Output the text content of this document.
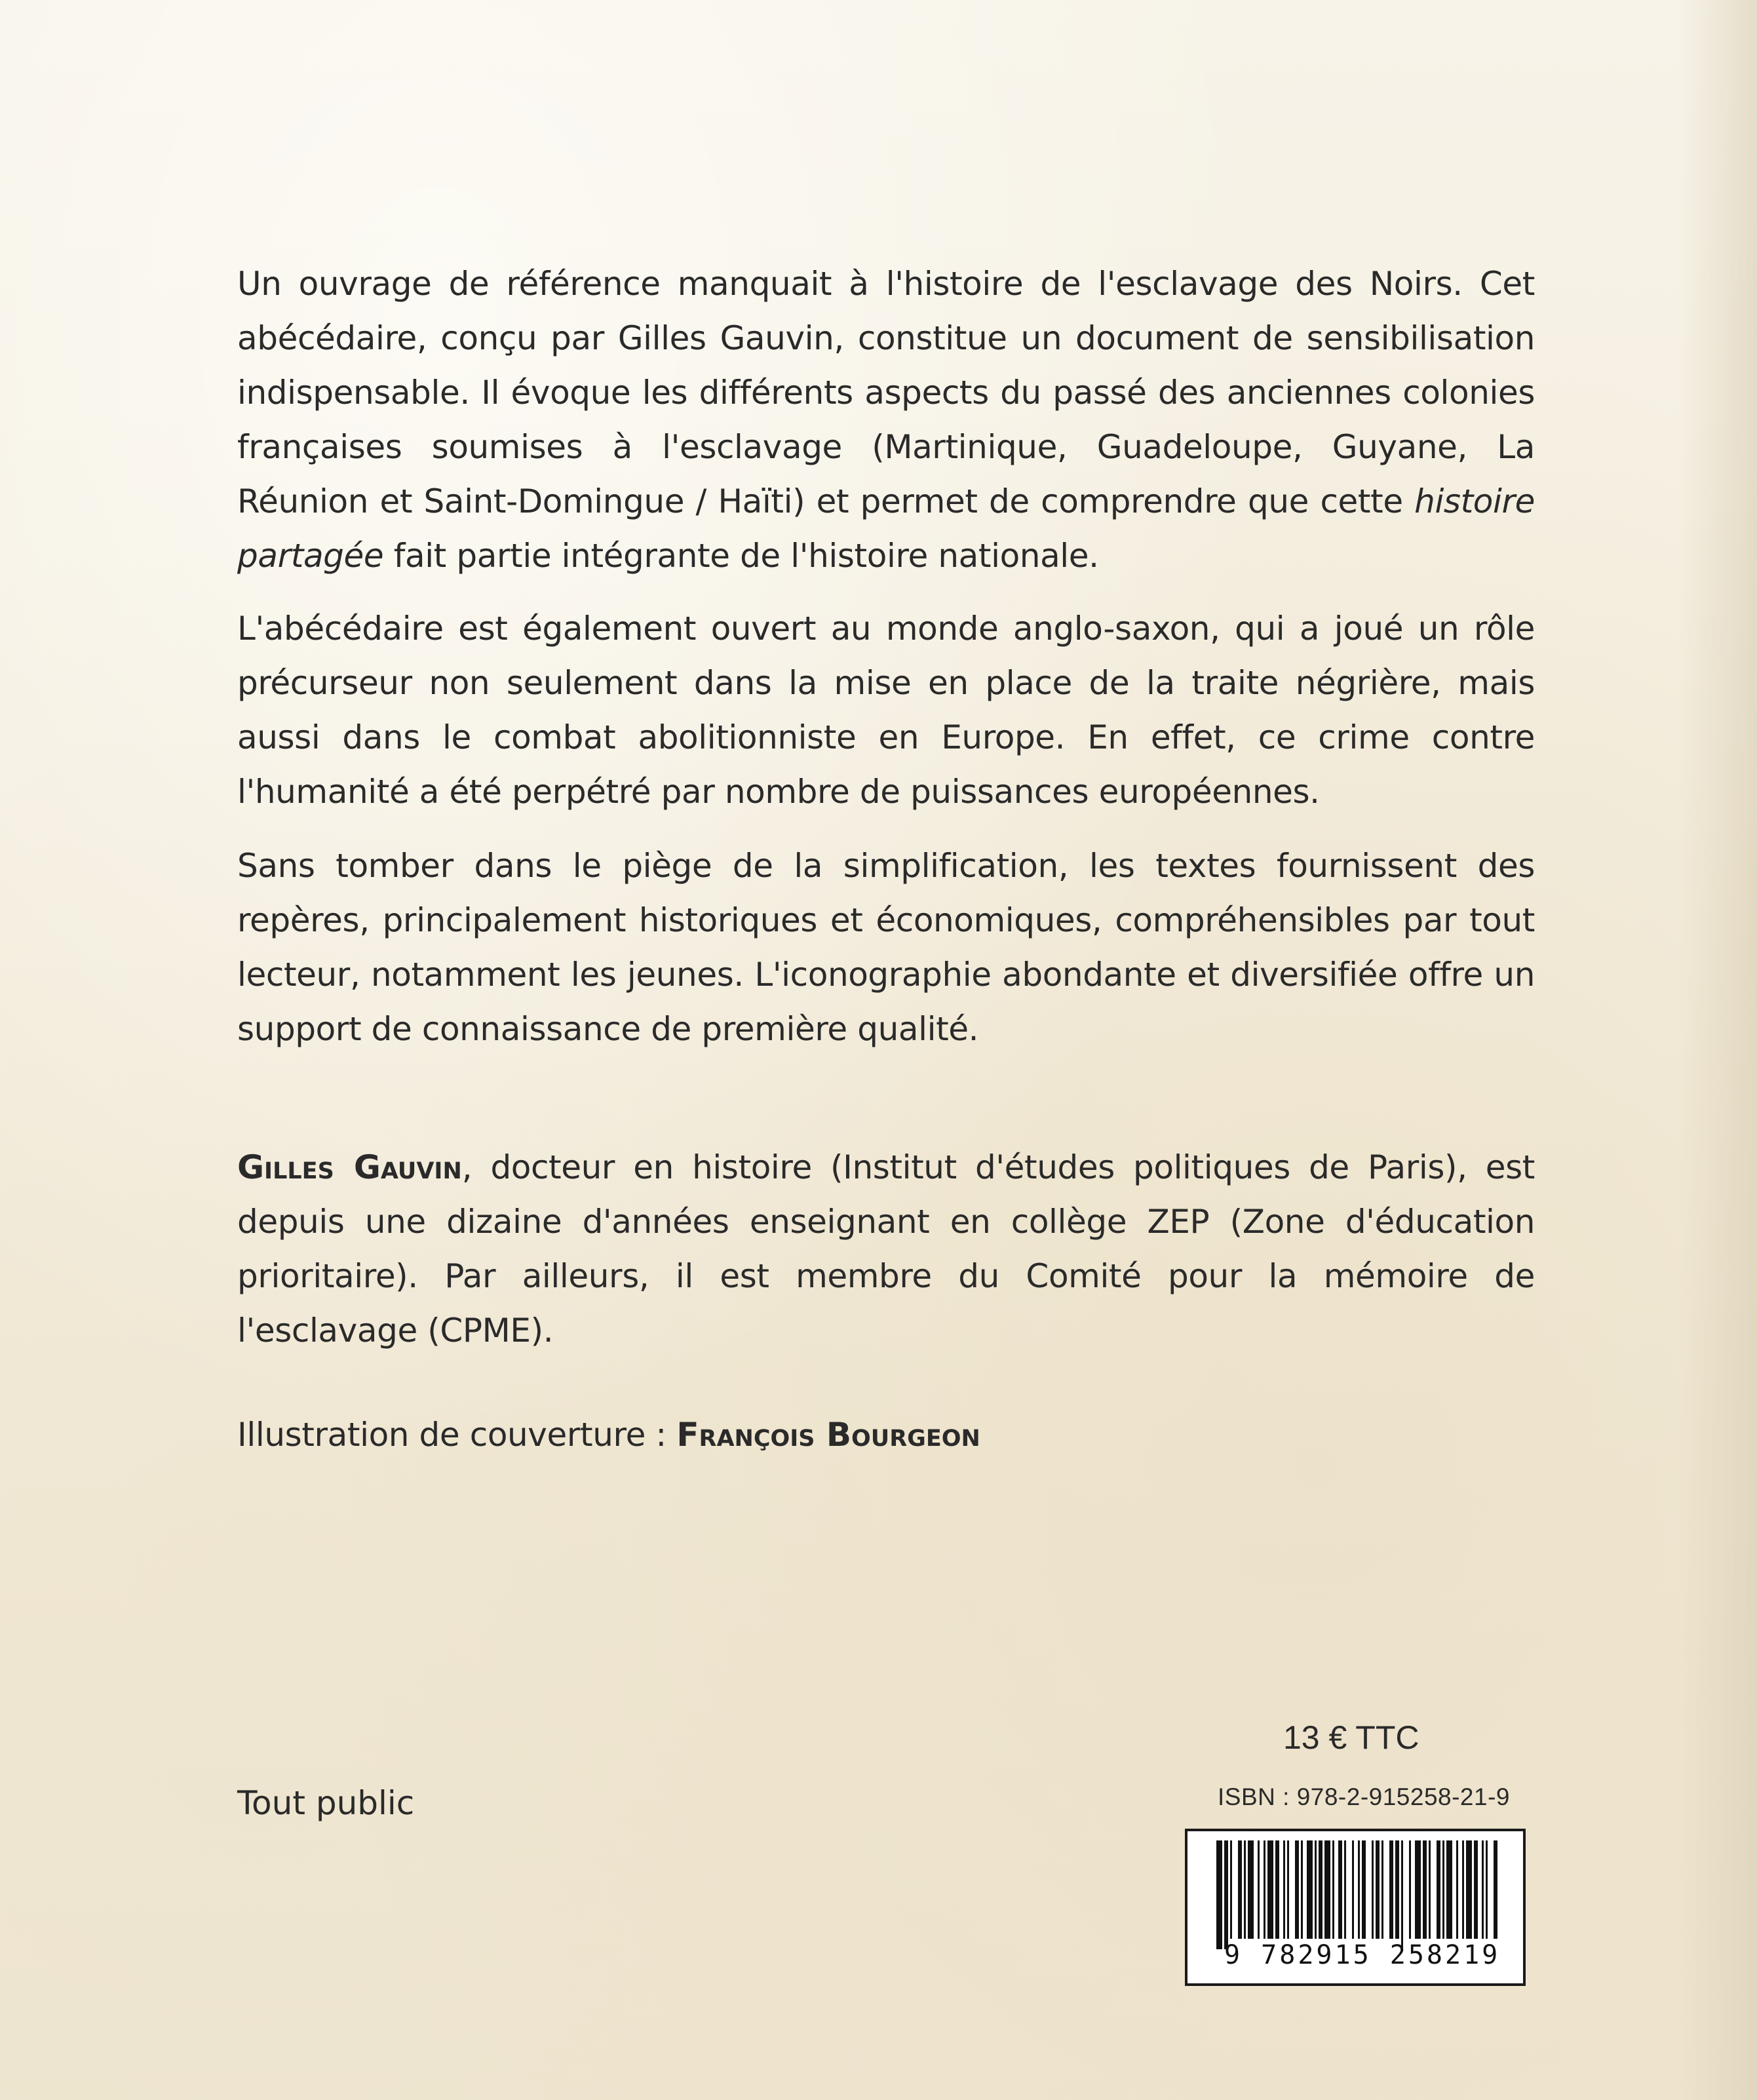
Un ouvrage de référence manquait à l'histoire de l'esclavage des Noirs. Cet abécédaire, conçu par Gilles Gauvin, constitue un document de sensibilisation indispensable. Il évoque les différents aspects du passé des anciennes colonies françaises soumises à l'esclavage (Martinique, Guadeloupe, Guyane, La Réunion et Saint-Domingue / Haïti) et permet de comprendre que cette histoire partagée fait partie intégrante de l'histoire nationale.

L'abécédaire est également ouvert au monde anglo-saxon, qui a joué un rôle précurseur non seulement dans la mise en place de la traite négrière, mais aussi dans le combat abolitionniste en Europe. En effet, ce crime contre l'humanité a été perpétré par nombre de puissances européennes.

Sans tomber dans le piège de la simplification, les textes fournissent des repères, principalement historiques et économiques, compréhensibles par tout lecteur, notamment les jeunes. L'iconographie abondante et diversifiée offre un support de connaissance de première qualité.

Gilles Gauvin, docteur en histoire (Institut d'études politiques de Paris), est depuis une dizaine d'années enseignant en collège ZEP (Zone d'éducation prioritaire). Par ailleurs, il est membre du Comité pour la mémoire de l'esclavage (CPME).

Illustration de couverture : François Bourgeon
Tout public
13 € TTC
ISBN : 978-2-915258-21-9
9 782915 258219
